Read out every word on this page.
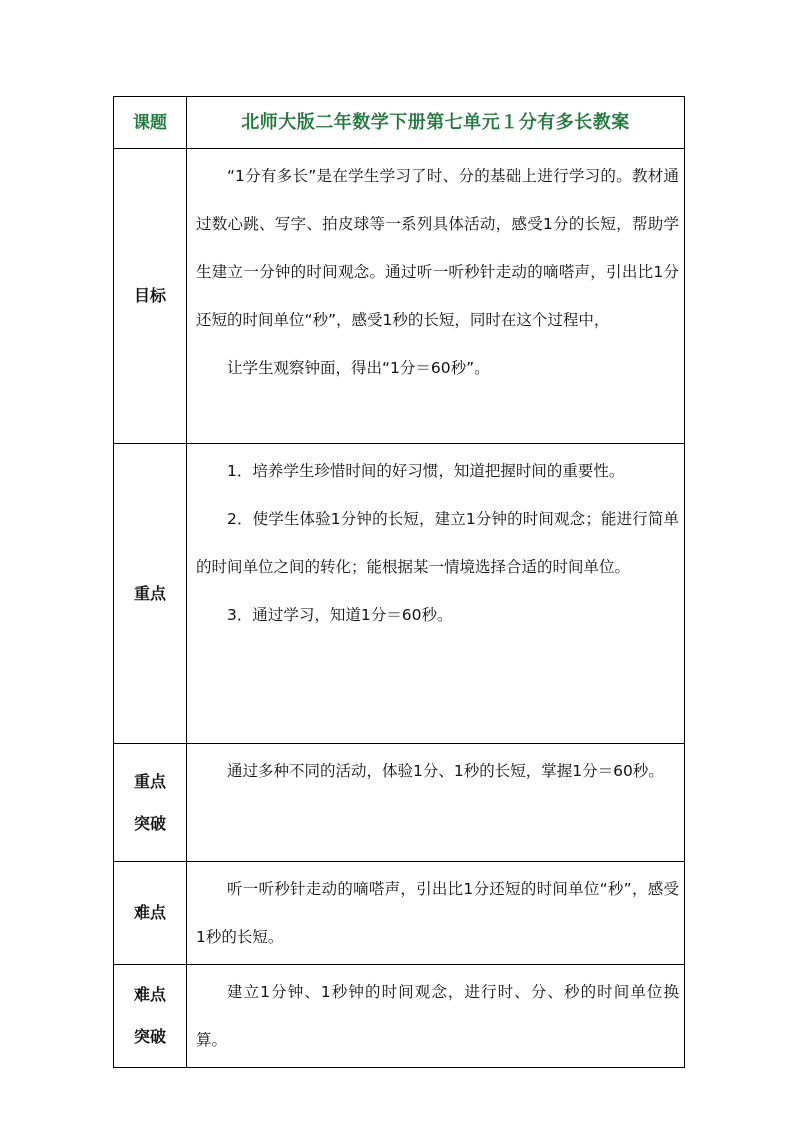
课题	北师大版二年数学下册第七单元１分有多长教案
目标	“1分有多长”是在学生学习了时、分的基础上进行学习的。教材通过数心跳、写字、拍皮球等一系列具体活动，感受1分的长短，帮助学生建立一分钟的时间观念。通过听一听秒针走动的嘀嗒声，引出比1分还短的时间单位“秒”，感受1秒的长短，同时在这个过程中，

让学生观察钟面，得出“1分＝60秒”。

重点	1．培养学生珍惜时间的好习惯，知道把握时间的重要性。

2．使学生体验1分钟的长短，建立1分钟的时间观念；能进行简单的时间单位之间的转化；能根据某一情境选择合适的时间单位。

3．通过学习，知道1分＝60秒。

重点
突破	通过多种不同的活动，体验1分、1秒的长短，掌握1分＝60秒。

难点	听一听秒针走动的嘀嗒声，引出比1分还短的时间单位“秒”，感受1秒的长短。

难点
突破	建立1分钟、1秒钟的时间观念，进行时、分、秒的时间单位换算。
